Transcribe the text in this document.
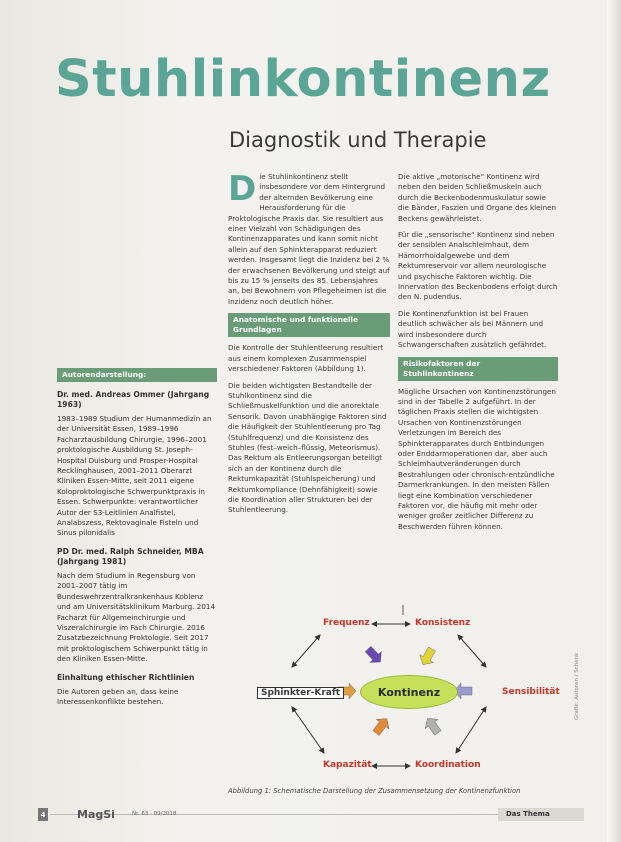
Stuhlinkontinenz
Diagnostik und Therapie

Die Stuhlinkontinenz stellt insbesondere vor dem Hintergrund der alternden Bevölkerung eine Herausforderung für die Proktologische Praxis dar. Sie resultiert aus einer Vielzahl von Schädigungen des Kontinenzapparates und kann somit nicht allein auf den Sphinkterapparat reduziert werden. Insgesamt liegt die Inzidenz bei 2 % der erwachsenen Bevölkerung und steigt auf bis zu 15 % jenseits des 85. Lebensjahres an, bei Bewohnern von Pflegeheimen ist die Inzidenz noch deutlich höher.

Anatomische und funktionelle Grundlagen

Die Kontrolle der Stuhlentleerung resultiert aus einem komplexen Zusammenspiel verschiedener Faktoren (Abbildung 1).

Die beiden wichtigsten Bestandteile der Stuhlkontinenz sind die Schließmuskelfunktion und die anorektale Sensorik. Davon unabhängige Faktoren sind die Häufigkeit der Stuhlentleerung pro Tag (Stuhlfrequenz) und die Konsistenz des Stuhles (fest–weich–flüssig, Meteorismus). Das Rektum als Entleerungsorgan beteiligt sich an der Kontinenz durch die Rektumkapazität (Stuhlspeicherung) und Rektumkompliance (Dehnfähigkeit) sowie die Koordination aller Strukturen bei der Stuhlentleerung.

Die aktive „motorische“ Kontinenz wird neben den beiden Schließmuskeln auch durch die Beckenbodenmuskulatur sowie die Bänder, Faszien und Organe des kleinen Beckens gewährleistet.

Für die „sensorische“ Kontinenz sind neben der sensiblen Analschleimhaut, dem Hämorrhoidalgewebe und dem Rektumreservoir vor allem neurologische und psychische Faktoren wichtig. Die Innervation des Beckenbodens erfolgt durch den N. pudendus.

Die Kontinenzfunktion ist bei Frauen deutlich schwächer als bei Männern und wird insbesondere durch Schwangerschaften zusätzlich gefährdet.

Risikofaktoren der Stuhlinkontinenz

Mögliche Ursachen von Kontinenzstörungen sind in der Tabelle 2 aufgeführt. In der täglichen Praxis stellen die wichtigsten Ursachen von Kontinenzstörungen Verletzungen im Bereich des Sphinkterapparates durch Entbindungen oder Enddarmoperationen dar, aber auch Schleimhautveränderungen durch Bestrahlungen oder chronisch-entzündliche Darmerkrankungen. In den meisten Fällen liegt eine Kombination verschiedener Faktoren vor, die häufig mit mehr oder weniger großer zeitlicher Differenz zu Beschwerden führen können.

Autorendarstellung:
Dr. med. Andreas Ommer (Jahrgang 1963)

1983–1989 Studium der Humanmedizin an der Universität Essen, 1989–1996 Facharztausbildung Chirurgie, 1996–2001 proktologische Ausbildung St. Joseph-Hospital Duisburg und Prosper-Hospital Recklinghausen, 2001–2011 Oberarzt Kliniken Essen-Mitte, seit 2011 eigene Koloproktologische Schwerpunktpraxis in Essen. Schwerpunkte: verantwortlicher Autor der S3-Leitlinien Analfistel, Analabszess, Rektovaginale Fisteln und Sinus pilonidalis

PD Dr. med. Ralph Schneider, MBA (Jahrgang 1981)

Nach dem Studium in Regensburg von 2001–2007 tätig im Bundeswehrzentralkrankenhaus Koblenz und am Universitätsklinikum Marburg. 2014 Facharzt für Allgemeinchirurgie und Viszeralchirurgie im Fach Chirurgie. 2016 Zusatzbezeichnung Proktologie. Seit 2017 mit proktologischem Schwerpunkt tätig in den Kliniken Essen-Mitte.

Einhaltung ethischer Richtlinien

Die Autoren geben an, dass keine Interessenkonflikte bestehen.

Frequenz	Konsistenz
Sphinkter-Kraft	Sensibilität
Kapazität	Koordination
Kontinenz
Abbildung 1: Schematische Darstellung der Zusammensetzung der Kontinenzfunktion
Grafik: Autoren / Schenk
4	MagSi	Nr. 63 · 09/2018	Das Thema
